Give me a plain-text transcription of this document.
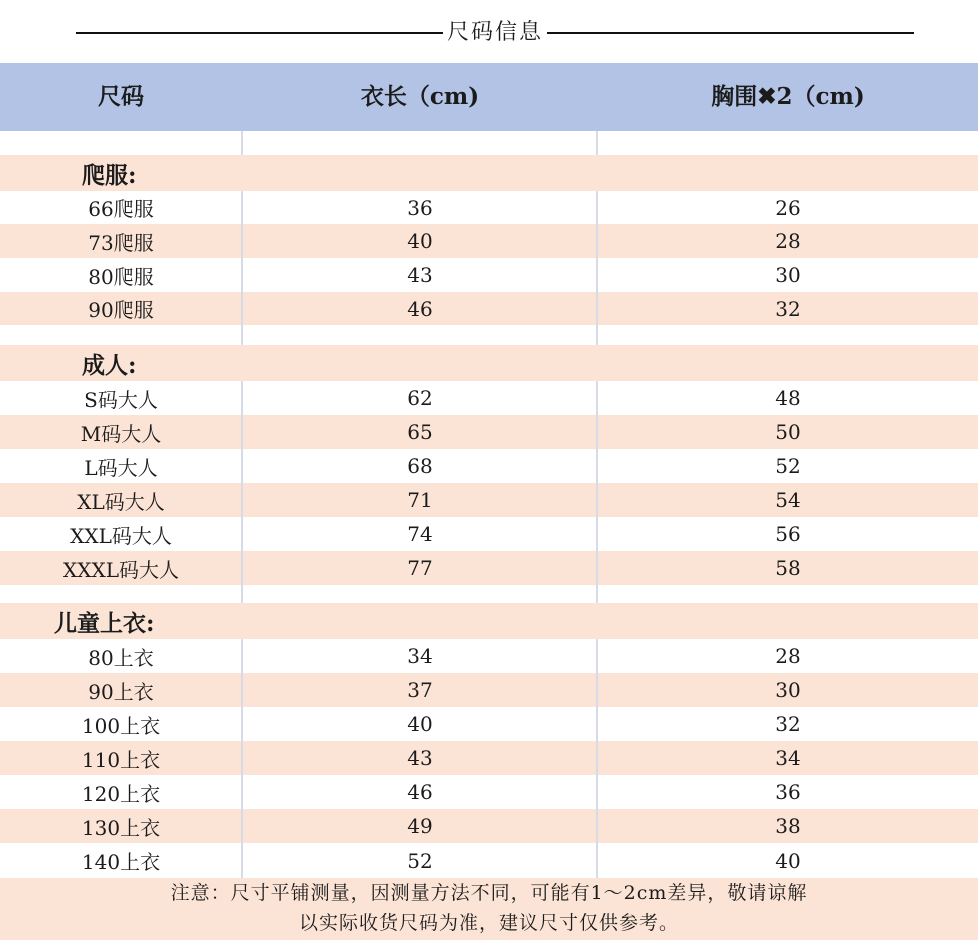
尺码信息
尺码	衣长（cm)	胸围✖2（cm)
爬服:
66爬服	36	26
73爬服	40	28
80爬服	43	30
90爬服	46	32
成人:
S码大人	62	48
M码大人	65	50
L码大人	68	52
XL码大人	71	54
XXL码大人	74	56
XXXL码大人	77	58
儿童上衣:
80上衣	34	28
90上衣	37	30
100上衣	40	32
110上衣	43	34
120上衣	46	36
130上衣	49	38
140上衣	52	40
注意：尺寸平铺测量，因测量方法不同，可能有1～2cm差异，敬请谅解
以实际收货尺码为准，建议尺寸仅供参考。
